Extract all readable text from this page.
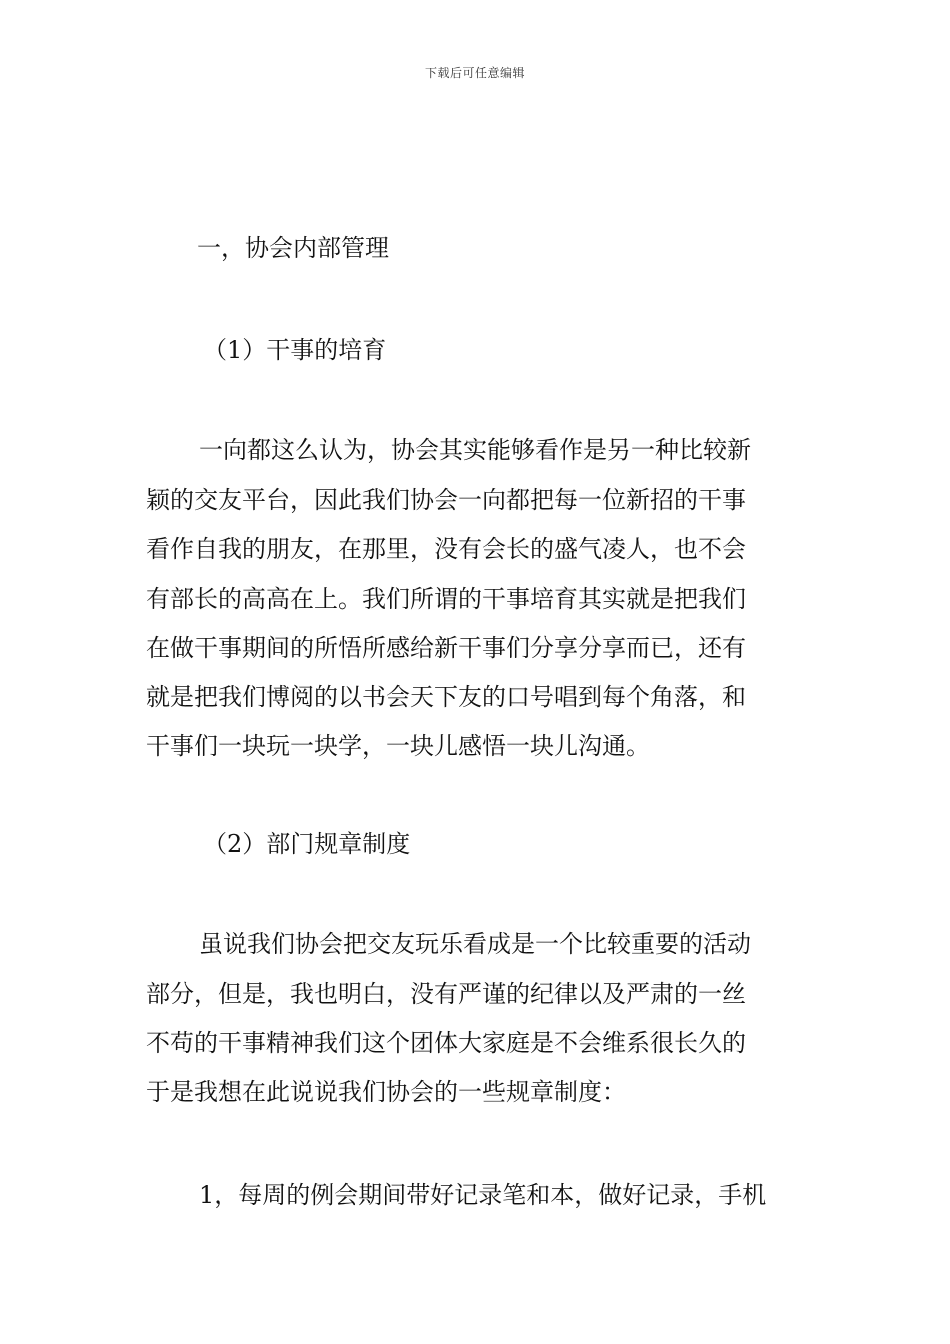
下载后可任意编辑
一，协会内部管理
（1）干事的培育
一向都这么认为，协会其实能够看作是另一种比较新
颖的交友平台，因此我们协会一向都把每一位新招的干事
看作自我的朋友，在那里，没有会长的盛气凌人，也不会
有部长的高高在上。我们所谓的干事培育其实就是把我们
在做干事期间的所悟所感给新干事们分享分享而已，还有
就是把我们博阅的以书会天下友的口号唱到每个角落，和
干事们一块玩一块学，一块儿感悟一块儿沟通。
（2）部门规章制度
虽说我们协会把交友玩乐看成是一个比较重要的活动
部分，但是，我也明白，没有严谨的纪律以及严肃的一丝
不苟的干事精神我们这个团体大家庭是不会维系很长久的
于是我想在此说说我们协会的一些规章制度：
1，每周的例会期间带好记录笔和本，做好记录，手机
